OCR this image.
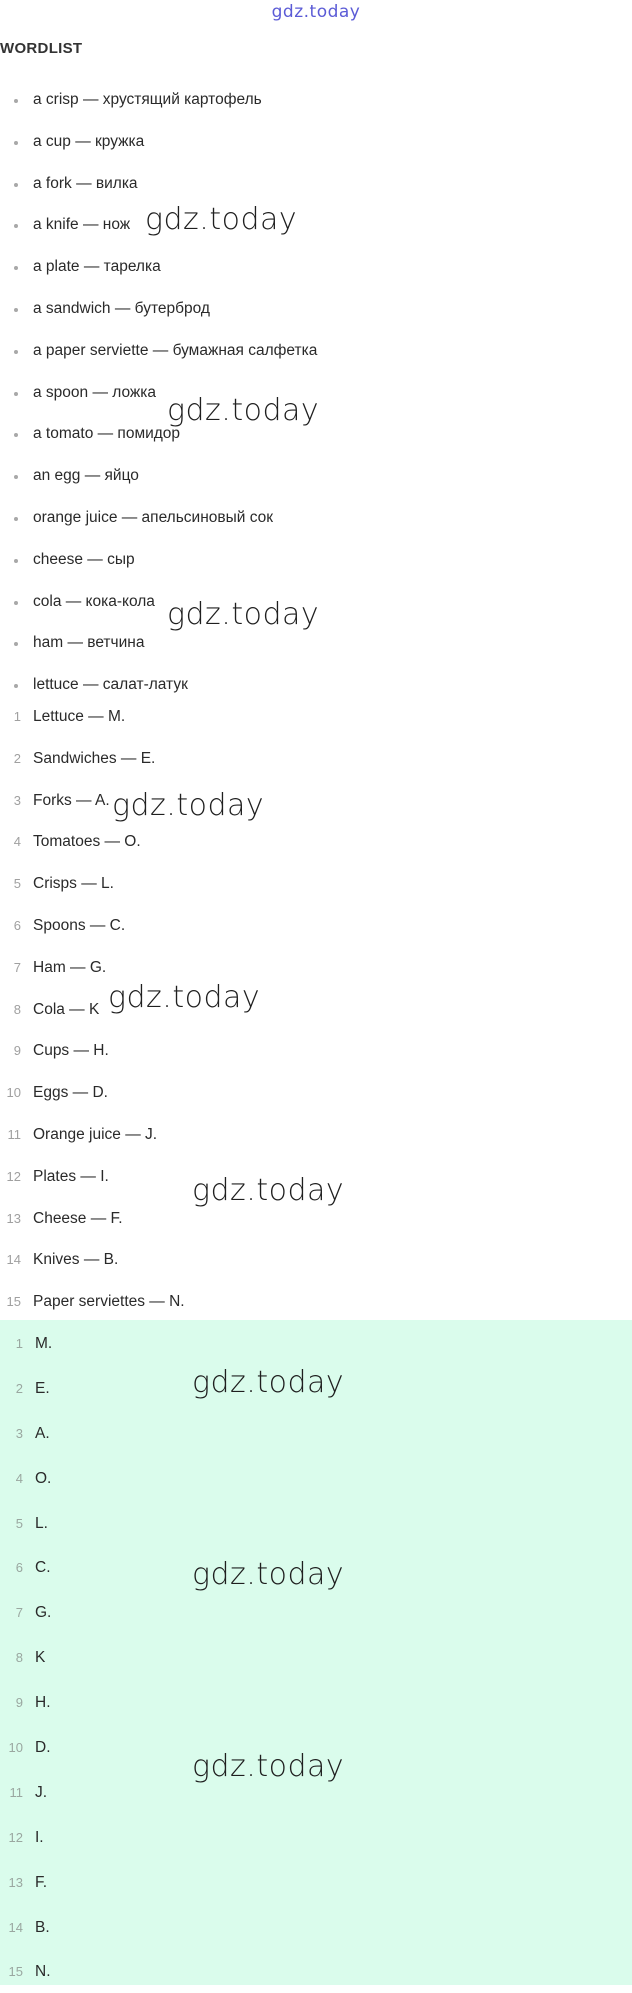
gdz.today
WORDLIST
a crisp — хрустящий картофель
a cup — кружка
a fork — вилка
a knife — нож
a plate — тарелка
a sandwich — бутерброд
a paper serviette — бумажная салфетка
a spoon — ложка
a tomato — помидор
an egg — яйцо
orange juice — апельсиновый сок
cheese — сыр
cola — кока-кола
ham — ветчина
lettuce — салат-латук
1 Lettuce — M.
2 Sandwiches — E.
3 Forks — A.
4 Tomatoes — O.
5 Crisps — L.
6 Spoons — C.
7 Ham — G.
8 Cola — K
9 Cups — H.
10 Eggs — D.
11 Orange juice — J.
12 Plates — I.
13 Cheese — F.
14 Knives — B.
15 Paper serviettes — N.
1 M.
2 E.
3 A.
4 O.
5 L.
6 C.
7 G.
8 K
9 H.
10 D.
11 J.
12 I.
13 F.
14 B.
15 N.
gdz.today
gdz.today
gdz.today
gdz.today
gdz.today
gdz.today
gdz.today
gdz.today
gdz.today
